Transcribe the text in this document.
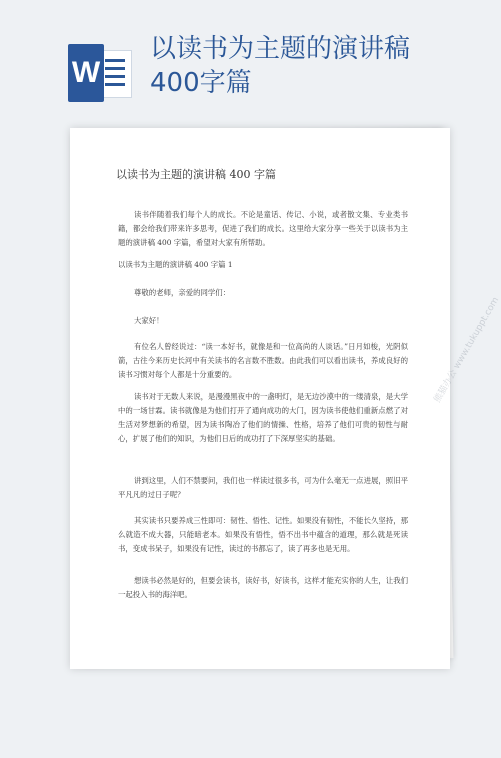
W
以读书为主题的演讲稿
400字篇
以读书为主题的演讲稿 400 字篇
读书伴随着我们每个人的成长。不论是童话、传记、小说，或者散文集、专业类书籍，都会给我们带来许多思考，促进了我们的成长。这里给大家分享一些关于以读书为主题的演讲稿 400 字篇，希望对大家有所帮助。
以读书为主题的演讲稿 400 字篇 1
尊敬的老师，亲爱的同学们：
大家好！
有位名人曾经说过：“读一本好书，就像是和一位高尚的人谈话。”日月如梭，光阴似箭，古往今来历史长河中有关读书的名言数不胜数。由此我们可以看出读书，养成良好的读书习惯对每个人都是十分重要的。
读书对于无数人来说，是漫漫黑夜中的一盏明灯，是无边沙漠中的一缕清泉，是大学中的一场甘霖。读书就像是为他们打开了通向成功的大门，因为读书使他们重新点燃了对生活对梦想新的希望，因为读书陶冶了他们的情操、性格，培养了他们可贵的韧性与耐心，扩展了他们的知识，为他们日后的成功打了下深厚坚实的基础。
讲到这里，人们不禁要问，我们也一样读过很多书，可为什么毫无一点进展，照旧平平凡凡的过日子呢？
其实读书只要养成三性即可：韧性、悟性、记性。如果没有韧性，不能长久坚持，那么就造不成大器，只能暗老本。如果没有悟性，悟不出书中蕴含的道理，那么就是死读书，变成书呆子，如果没有记性，读过的书都忘了，读了再多也是无用。
想读书必然是好的，但要会读书，读好书，好读书，这样才能充实你的人生，让我们一起投入书的海洋吧。
熊猫办公 www.tukuppt.com
